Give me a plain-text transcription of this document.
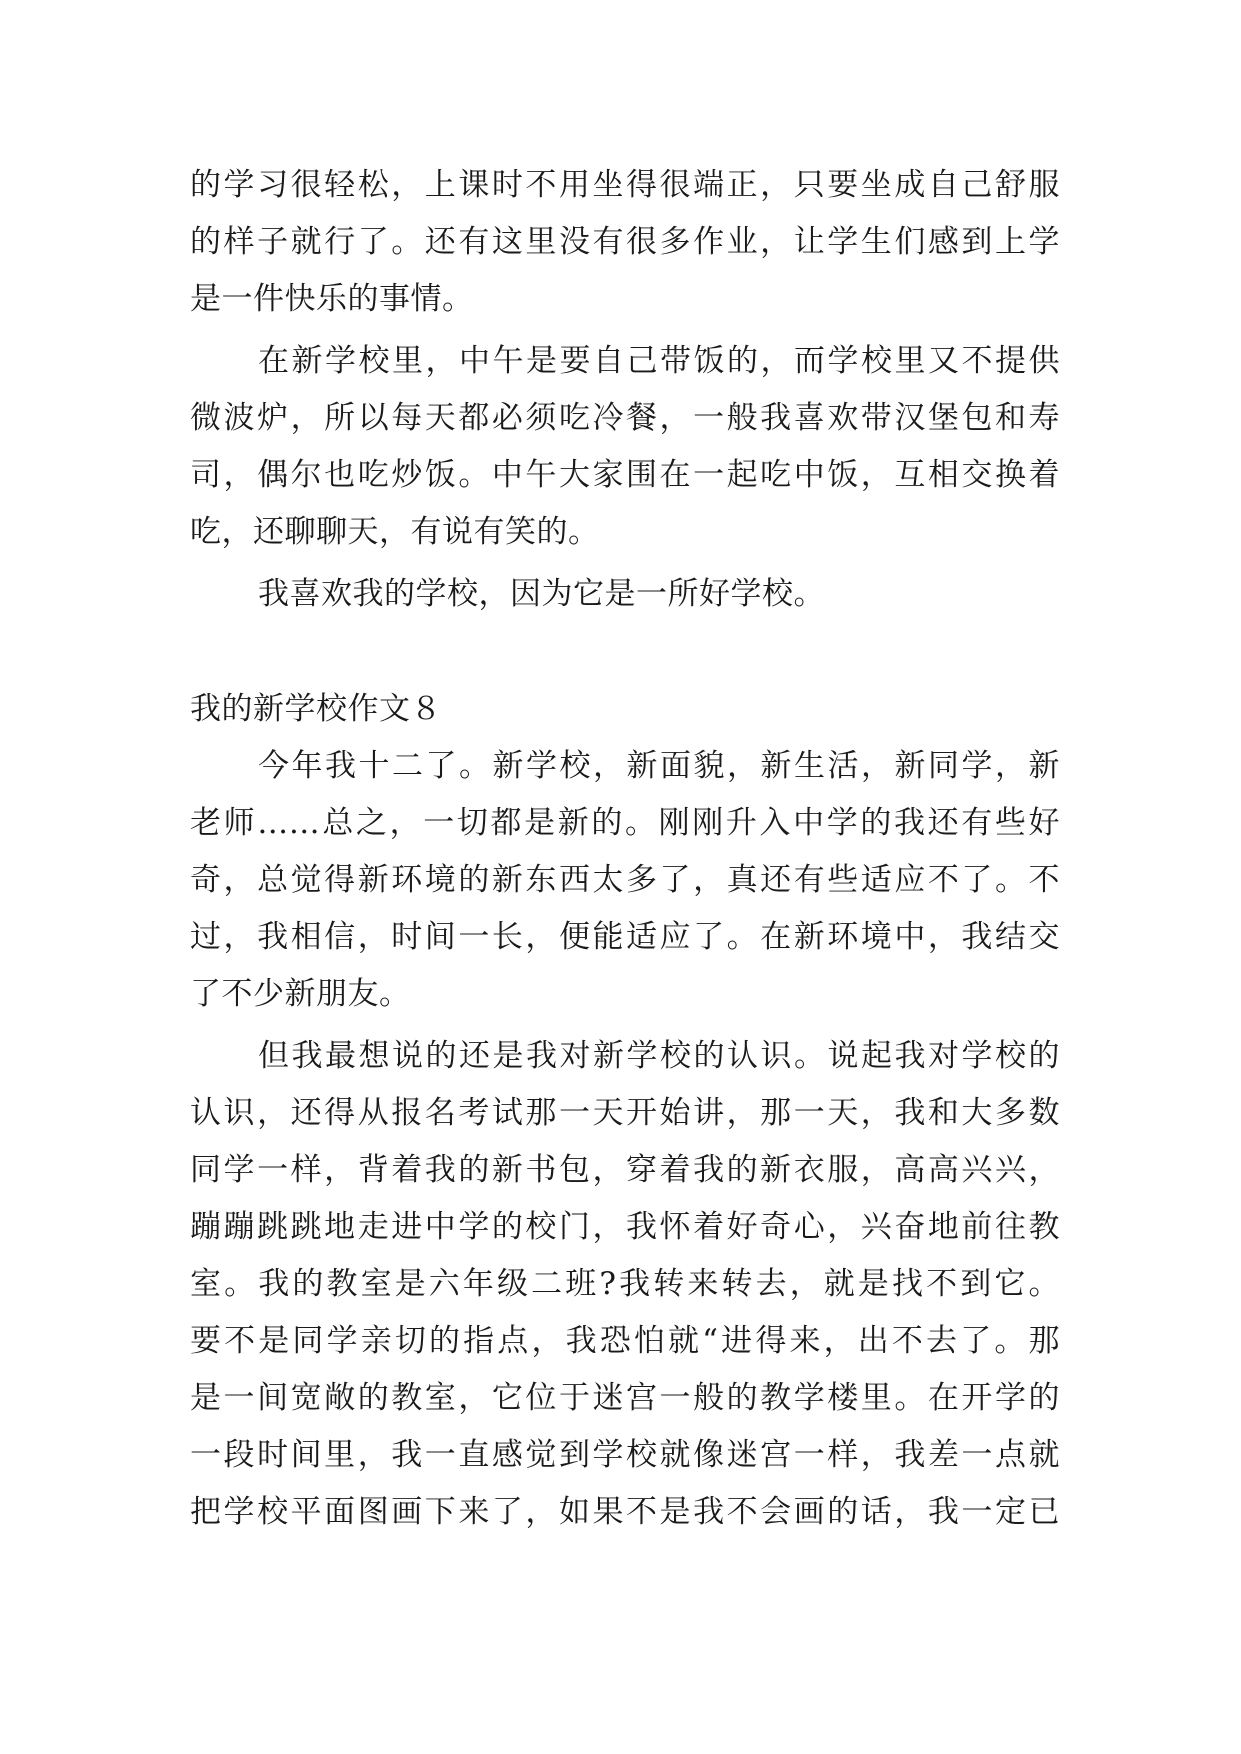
的学习很轻松，上课时不用坐得很端正，只要坐成自己舒服
的样子就行了。还有这里没有很多作业，让学生们感到上学
是一件快乐的事情。
在新学校里，中午是要自己带饭的，而学校里又不提供
微波炉，所以每天都必须吃冷餐，一般我喜欢带汉堡包和寿
司，偶尔也吃炒饭。中午大家围在一起吃中饭，互相交换着
吃，还聊聊天，有说有笑的。
我喜欢我的学校，因为它是一所好学校。
我的新学校作文８
今年我十二了。新学校，新面貌，新生活，新同学，新
老师……总之，一切都是新的。刚刚升入中学的我还有些好
奇，总觉得新环境的新东西太多了，真还有些适应不了。不
过，我相信，时间一长，便能适应了。在新环境中，我结交
了不少新朋友。
但我最想说的还是我对新学校的认识。说起我对学校的
认识，还得从报名考试那一天开始讲，那一天，我和大多数
同学一样，背着我的新书包，穿着我的新衣服，高高兴兴，
蹦蹦跳跳地走进中学的校门，我怀着好奇心，兴奋地前往教
室。我的教室是六年级二班?我转来转去，就是找不到它。
要不是同学亲切的指点，我恐怕就“进得来，出不去了。那
是一间宽敞的教室，它位于迷宫一般的教学楼里。在开学的
一段时间里，我一直感觉到学校就像迷宫一样，我差一点就
把学校平面图画下来了，如果不是我不会画的话，我一定已
